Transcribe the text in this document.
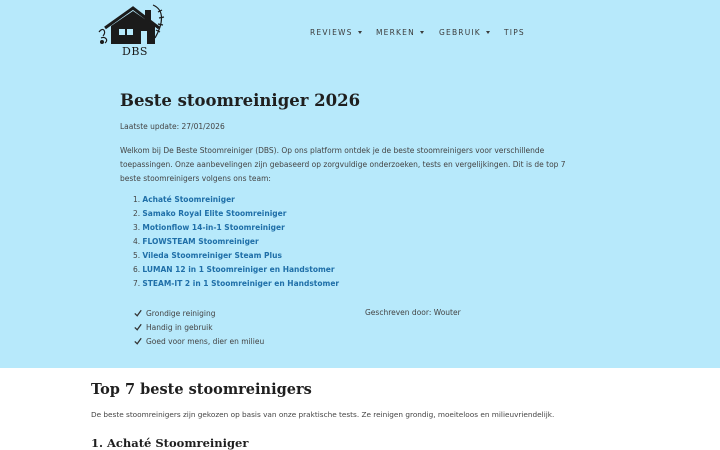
DBS
REVIEWS	MERKEN	GEBRUIK	TIPS
Beste stoomreiniger 2026
Laatste update: 27/01/2026

Welkom bij De Beste Stoomreiniger (DBS). Op ons platform ontdek je de beste stoomreinigers voor verschillende toepassingen. Onze aanbevelingen zijn gebaseerd op zorgvuldige onderzoeken, tests en vergelijkingen. Dit is de top 7 beste stoomreinigers volgens ons team:

1. Achaté Stoomreiniger
2. Samako Royal Elite Stoomreiniger
3. Motionflow 14-in-1 Stoomreiniger
4. FLOWSTEAM Stoomreiniger
5. Vileda Stoomreiniger Steam Plus
6. LUMAN 12 in 1 Stoomreiniger en Handstomer
7. STEAM-IT 2 in 1 Stoomreiniger en Handstomer
Grondige reiniging
Handig in gebruik
Goed voor mens, dier en milieu
Geschreven door: Wouter
Top 7 beste stoomreinigers

De beste stoomreinigers zijn gekozen op basis van onze praktische tests. Ze reinigen grondig, moeiteloos en milieuvriendelijk.

1. Achaté Stoomreiniger
